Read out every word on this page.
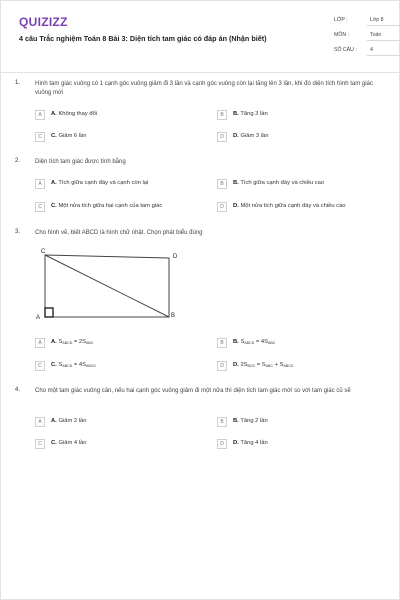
QUIZIZZ
4 câu Trắc nghiệm Toán 8 Bài 3: Diện tích tam giác có đáp án (Nhận biết)
LỚP :	Lớp 8
MÔN :	Toán
SỐ CÂU :	4
1. Hình tam giác vuông có 1 cạnh góc vuông giảm đi 3 lần và cạnh góc vuông còn lại tăng lên 3 lần, khi đó diện tích hình tam giác vuông mới
A	A. Không thay đổi	B	B. Tăng 3 lần
C	C. Giảm 6 lần	D	D. Giảm 3 lần
2. Diện tích tam giác được tính bằng
A	A. Tích giữa cạnh đáy và cạnh còn lại	B	B. Tích giữa cạnh đáy và chiều cao
C	C. Một nửa tích giữa hai cạnh của tam giác	D	D. Một nửa tích giữa cạnh đáy và chiều cao
3. Cho hình vẽ, biết ABCD là hình chữ nhật. Chọn phát biểu đúng
C
D
A	B
A	A. $S_{ABCD} = 2S_{ABC}$	B	B. $S_{ABCD} = 4S_{ABC}$
C	C. $S_{ABCD} = 4S_{ABCD}$	D	D. $2S_{BCD} = S_{ABC} + S_{ABCD}$
4. Cho một tam giác vuông cân, nếu hai cạnh góc vuông giảm đi một nửa thì diện tích tam giác mới so với tam giác cũ sẽ
A	A. Giảm 2 lần	B	B. Tăng 2 lần
C	C. Giảm 4 lần	D	D. Tăng 4 lần
